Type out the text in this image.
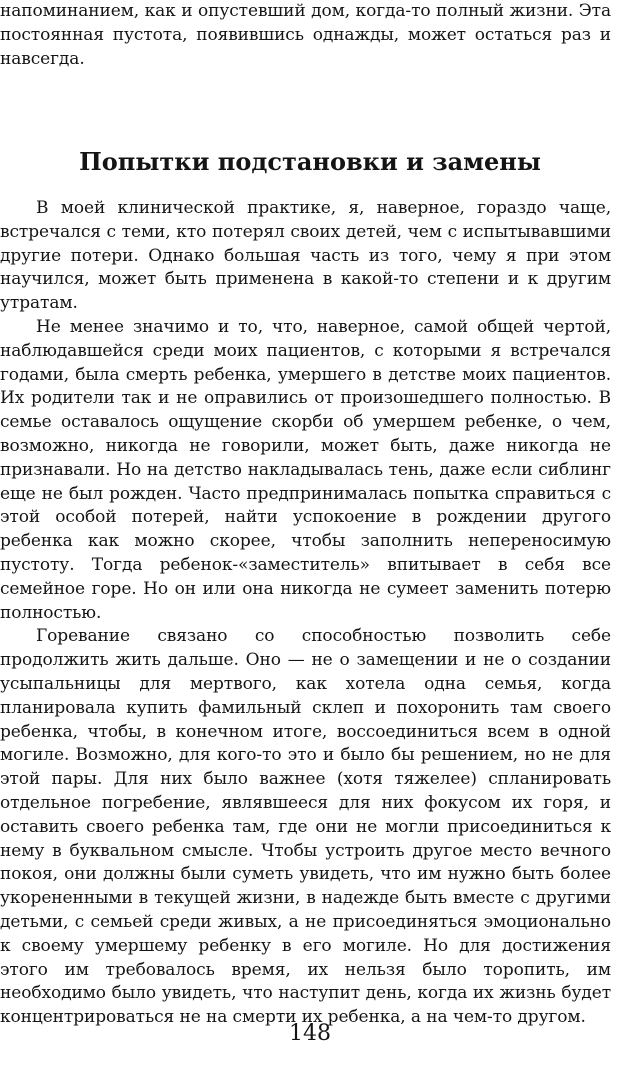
напоминанием, как и опустевший дом, когда-то полный жизни. Эта постоянная пустота, появившись однажды, может остаться раз и навсегда.

Попытки подстановки и замены

В моей клинической практике, я, наверное, гораздо чаще, встречался с теми, кто потерял своих детей, чем с испытывавшими другие потери. Однако большая часть из того, чему я при этом научился, может быть применена в какой-то степени и к другим утратам.

Не менее значимо и то, что, наверное, самой общей чертой, наблюдавшейся среди моих пациентов, с которыми я встречался годами, была смерть ребенка, умершего в детстве моих пациентов. Их родители так и не оправились от произошедшего полностью. В семье оставалось ощущение скорби об умершем ребенке, о чем, возможно, никогда не говорили, может быть, даже никогда не признавали. Но на детство накладывалась тень, даже если сиблинг еще не был рожден. Часто предпринималась попытка справиться с этой особой потерей, найти успокоение в рождении другого ребенка как можно скорее, чтобы заполнить непереносимую пустоту. Тогда ребенок-«заместитель» впитывает в себя все семейное горе. Но он или она никогда не сумеет заменить потерю полностью.

Горевание связано со способностью позволить себе продолжить жить дальше. Оно — не о замещении и не о создании усыпальницы для мертвого, как хотела одна семья, когда планировала купить фамильный склеп и похоронить там своего ребенка, чтобы, в конечном итоге, воссоединиться всем в одной могиле. Возможно, для кого-то это и было бы решением, но не для этой пары. Для них было важнее (хотя тяжелее) спланировать отдельное погребение, являвшееся для них фокусом их горя, и оставить своего ребенка там, где они не могли присоединиться к нему в буквальном смысле. Чтобы устроить другое место вечного покоя, они должны были суметь увидеть, что им нужно быть более укорененными в текущей жизни, в надежде быть вместе с другими детьми, с семьей среди живых, а не присоединяться эмоционально к своему умершему ребенку в его могиле. Но для достижения этого им требовалось время, их нельзя было торопить, им необходимо было увидеть, что наступит день, когда их жизнь будет концентрироваться не на смерти их ребенка, а на чем-то другом.

148
